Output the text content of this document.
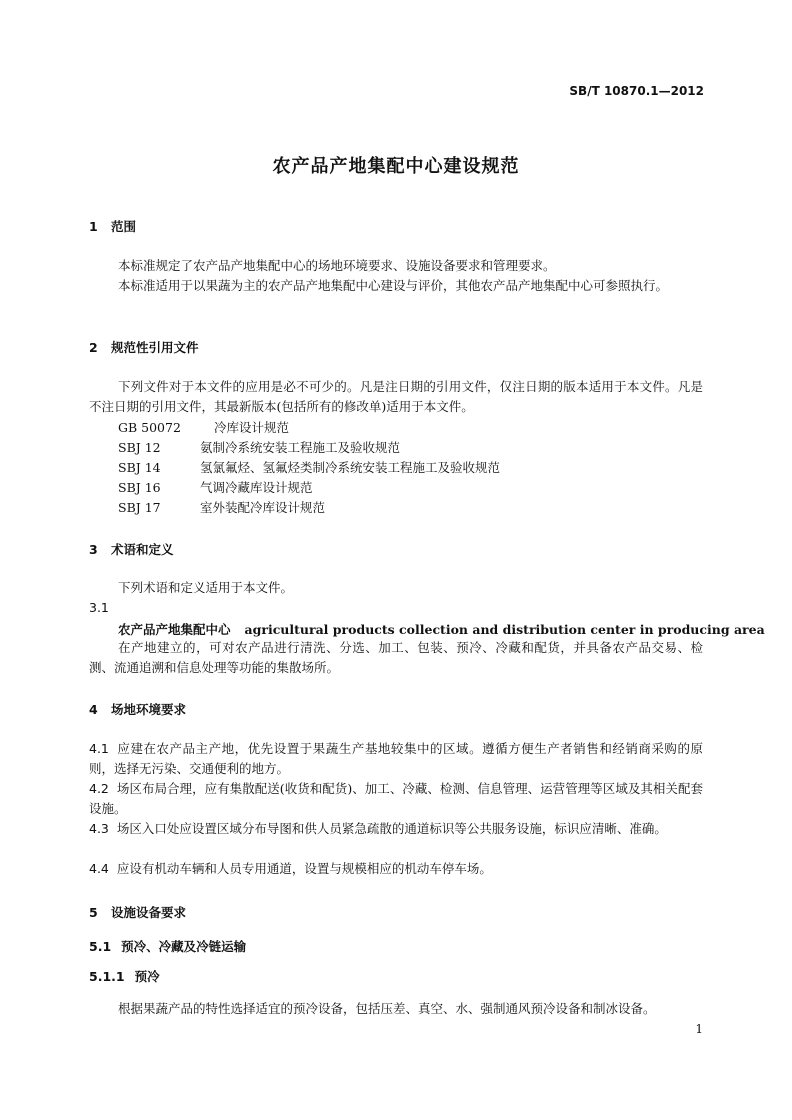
SB/T 10870.1—2012
农产品产地集配中心建设规范
1 范围
本标准规定了农产品产地集配中心的场地环境要求、设施设备要求和管理要求。
本标准适用于以果蔬为主的农产品产地集配中心建设与评价，其他农产品产地集配中心可参照执行。
2 规范性引用文件
下列文件对于本文件的应用是必不可少的。凡是注日期的引用文件，仅注日期的版本适用于本文件。凡是不注日期的引用文件，其最新版本(包括所有的修改单)适用于本文件。
GB 50072	冷库设计规范
SBJ 12	氨制冷系统安装工程施工及验收规范
SBJ 14	氢氯氟烃、氢氟烃类制冷系统安装工程施工及验收规范
SBJ 16	气调冷藏库设计规范
SBJ 17	室外装配冷库设计规范
3 术语和定义
下列术语和定义适用于本文件。
3.1
农产品产地集配中心 agricultural products collection and distribution center in producing area
在产地建立的，可对农产品进行清洗、分选、加工、包装、预冷、冷藏和配货，并具备农产品交易、检测、流通追溯和信息处理等功能的集散场所。
4 场地环境要求
4.1 应建在农产品主产地，优先设置于果蔬生产基地较集中的区域。遵循方便生产者销售和经销商采购的原则，选择无污染、交通便利的地方。
4.2 场区布局合理，应有集散配送(收货和配货)、加工、冷藏、检测、信息管理、运营管理等区域及其相关配套设施。
4.3 场区入口处应设置区域分布导图和供人员紧急疏散的通道标识等公共服务设施，标识应清晰、准确。
4.4 应设有机动车辆和人员专用通道，设置与规模相应的机动车停车场。
5 设施设备要求
5.1 预冷、冷藏及冷链运输
5.1.1 预冷
根据果蔬产品的特性选择适宜的预冷设备，包括压差、真空、水、强制通风预冷设备和制冰设备。
1
